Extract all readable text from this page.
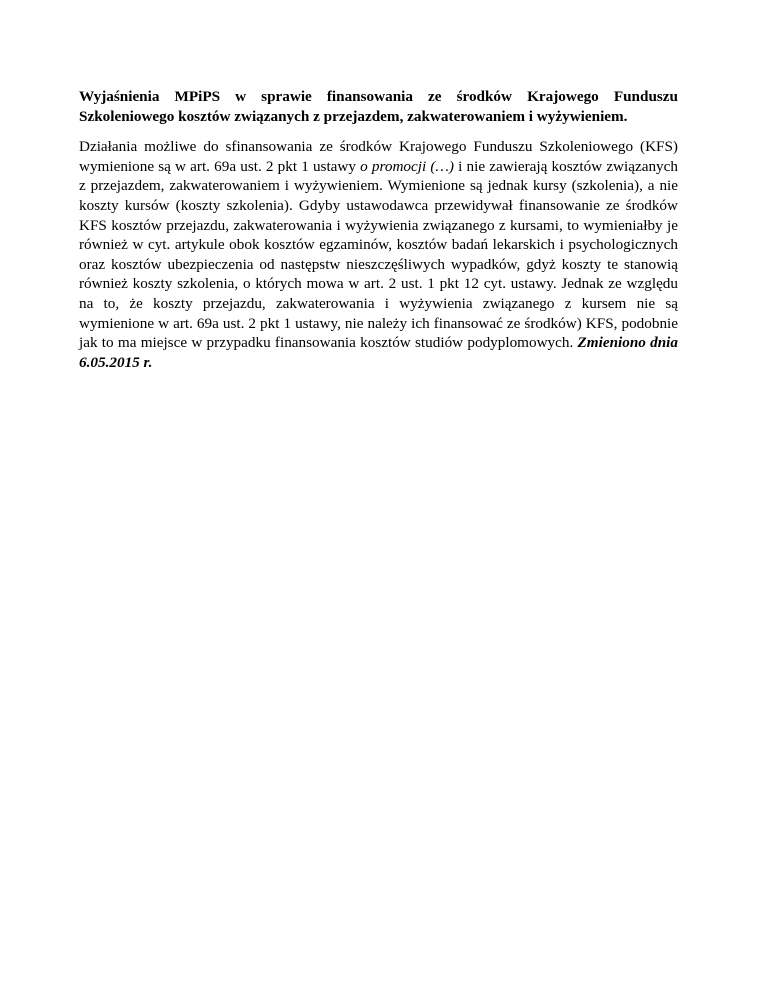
Wyjaśnienia MPiPS w sprawie finansowania ze środków Krajowego Funduszu Szkoleniowego kosztów związanych z przejazdem, zakwaterowaniem i wyżywieniem.

Działania możliwe do sfinansowania ze środków Krajowego Funduszu Szkoleniowego (KFS) wymienione są w art. 69a ust. 2 pkt 1 ustawy o promocji (…) i nie zawierają kosztów związanych z przejazdem, zakwaterowaniem i wyżywieniem. Wymienione są jednak kursy (szkolenia), a nie koszty kursów (koszty szkolenia). Gdyby ustawodawca przewidywał finansowanie ze środków KFS kosztów przejazdu, zakwaterowania i wyżywienia związanego z kursami, to wymieniałby je również w cyt. artykule obok kosztów egzaminów, kosztów badań lekarskich i psychologicznych oraz kosztów ubezpieczenia od następstw nieszczęśliwych wypadków, gdyż koszty te stanowią również koszty szkolenia, o których mowa w art. 2 ust. 1 pkt 12 cyt. ustawy. Jednak ze względu na to, że koszty przejazdu, zakwaterowania i wyżywienia związanego z kursem nie są wymienione w art. 69a ust. 2 pkt 1 ustawy, nie należy ich finansować ze środków) KFS, podobnie jak to ma miejsce w przypadku finansowania kosztów studiów podyplomowych. Zmieniono dnia 6.05.2015 r.
